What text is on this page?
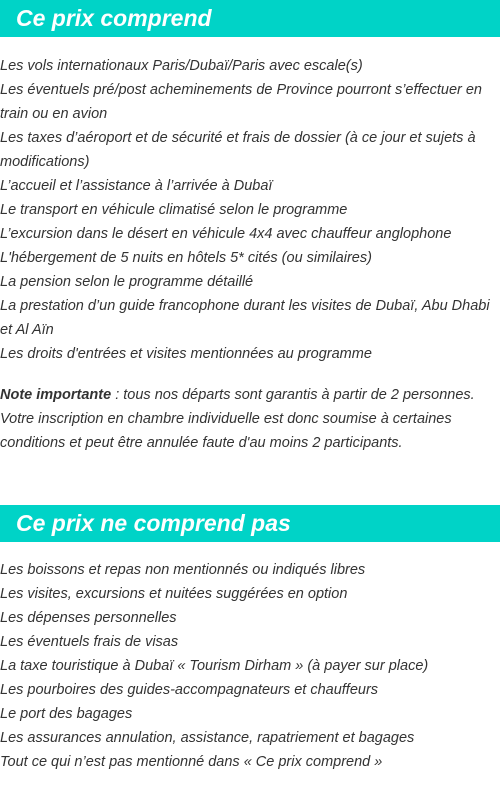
Ce prix comprend
Les vols internationaux Paris/Dubaï/Paris avec escale(s)
Les éventuels pré/post acheminements de Province pourront s’effectuer en train ou en avion
Les taxes d’aéroport et de sécurité et frais de dossier (à ce jour et sujets à modifications)
L’accueil et l’assistance à l’arrivée à Dubaï
Le transport en véhicule climatisé selon le programme
L’excursion dans le désert en véhicule 4x4 avec chauffeur anglophone
L'hébergement de 5 nuits en hôtels 5* cités (ou similaires)
La pension selon le programme détaillé
La prestation d’un guide francophone durant les visites de Dubaï, Abu Dhabi et Al Aïn
Les droits d'entrées et visites mentionnées au programme

Note importante : tous nos départs sont garantis à partir de 2 personnes. Votre inscription en chambre individuelle est donc soumise à certaines conditions et peut être annulée faute d'au moins 2 participants.

Ce prix ne comprend pas
Les boissons et repas non mentionnés ou indiqués libres
Les visites, excursions et nuitées suggérées en option
Les dépenses personnelles
Les éventuels frais de visas
La taxe touristique à Dubaï « Tourism Dirham » (à payer sur place)
Les pourboires des guides-accompagnateurs et chauffeurs
Le port des bagages
Les assurances annulation, assistance, rapatriement et bagages
Tout ce qui n’est pas mentionné dans « Ce prix comprend »
